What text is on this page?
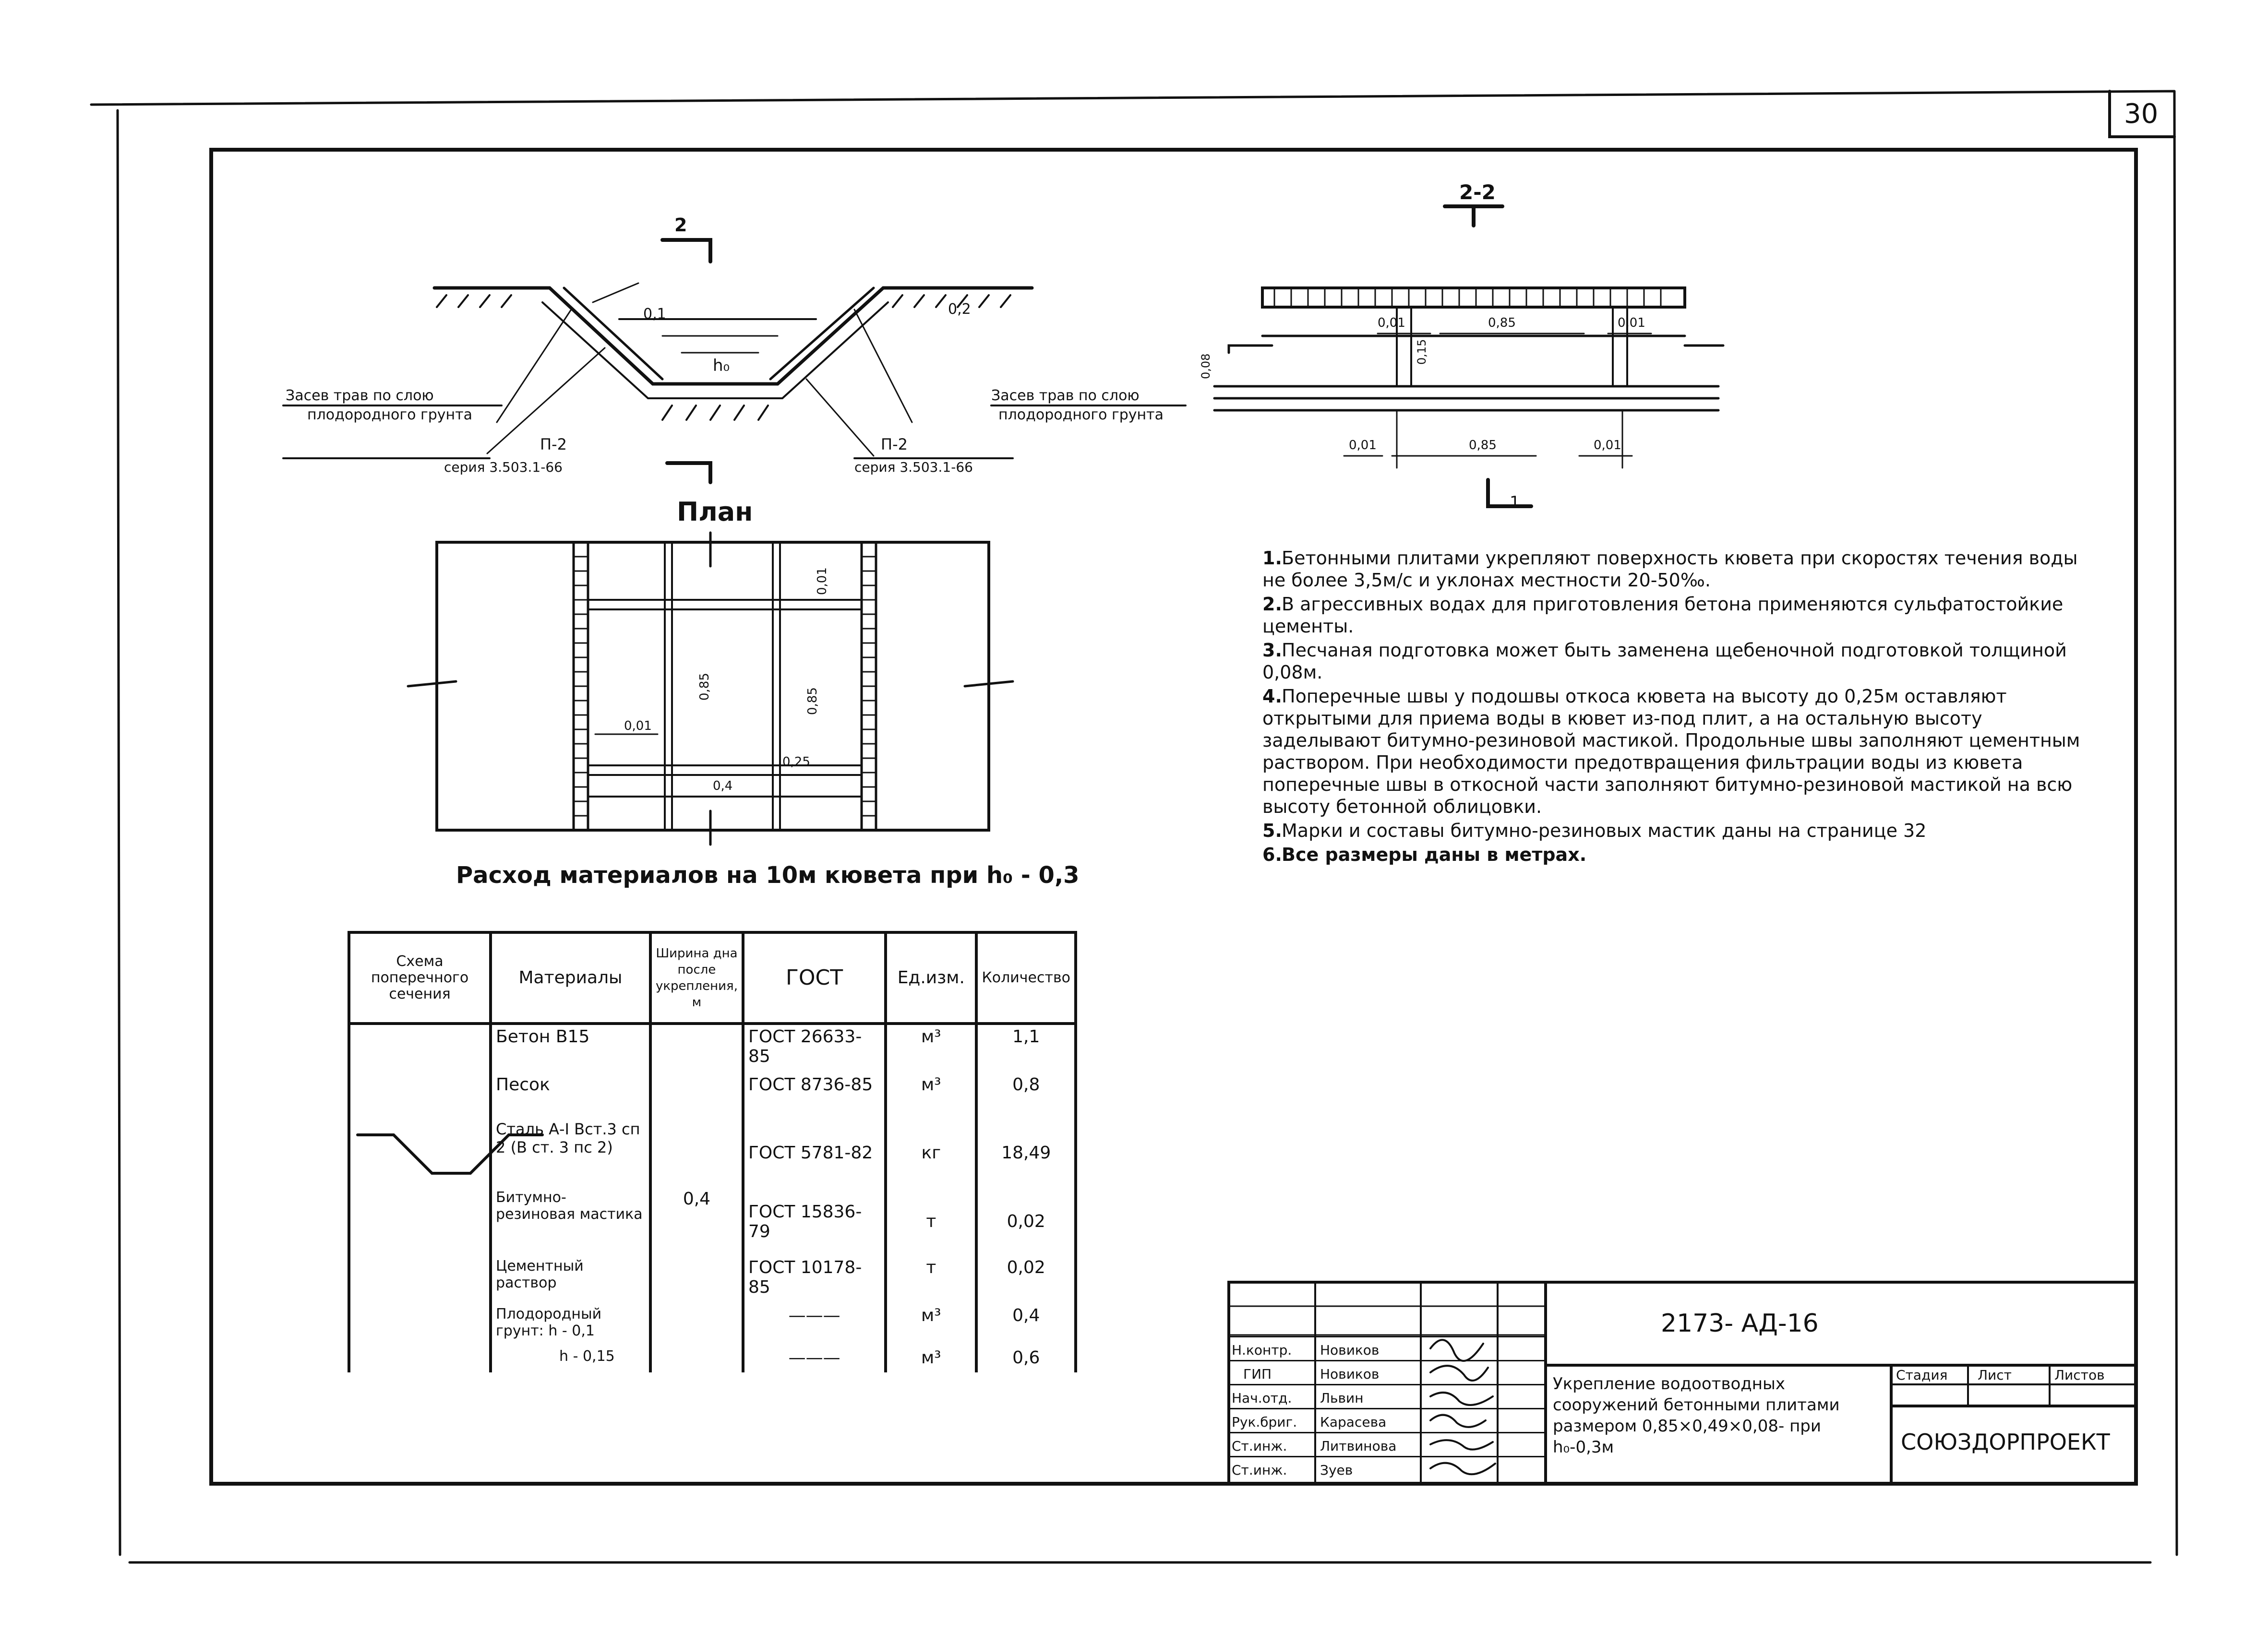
30
2
0,1	0,2
h₀
Засев трав по слою
плодородного грунта
Засев трав по слою
плодородного грунта
П-2
серия 3.503.1-66
П-2
серия 3.503.1-66
2-2
0,01	0,85	0,01
0,01	0,85	0,01
0,15
0,08
1
План
0,01
0,85
0,85
0,01
0,25
0,4
Расход материалов на 10м кювета при h₀ - 0,3
Схема поперечного сечения	Материалы	Ширина дна после укрепления, м	ГОСТ	Ед.изм.	Количество
	Бетон В15	0,4	ГОСТ 26633-85	м³	1,1
	Песок		ГОСТ 8736-85	м³	0,8
	Сталь А-I Вст.3 сп 2 (В ст. 3 пс 2)		ГОСТ 5781-82	кг	18,49
	Битумно-резиновая мастика		ГОСТ 15836-79	т	0,02
	Цементный раствор		ГОСТ 10178-85	т	0,02
	Плодородный грунт: h - 0,1		———	м³	0,4
	h - 0,15		———	м³	0,6
1.Бетонными плитами укрепляют поверхность кювета при скоростях течения воды не более 3,5м/с и уклонах местности 20-50‰.
2.В агрессивных водах для приготовления бетона применяются сульфатостойкие цементы.
3.Песчаная подготовка может быть заменена щебеночной подготовкой толщиной 0,08м.
4.Поперечные швы у подошвы откоса кювета на высоту до 0,25м оставляют открытыми для приема воды в кювет из-под плит, а на остальную высоту заделывают битумно-резиновой мастикой. Продольные швы заполняют цементным раствором. При необходимости предотвращения фильтрации воды из кювета поперечные швы в откосной части заполняют битумно-резиновой мастикой на всю высоту бетонной облицовки.
5.Марки и составы битумно-резиновых мастик даны на странице 32
6.Все размеры даны в метрах.
Н.контр. Новиков
ГИП	Новиков
Нач.отд. Львин
Рук.бриг. Карасева
Ст.инж. Литвинова
Ст.инж. Зуев
2173- АД-16
Укрепление водоотводных сооружений бетонными плитами размером 0,85×0,49×0,08- при h₀-0,3м
Стадия Лист	Листов
СОЮЗДОРПРОЕКТ
